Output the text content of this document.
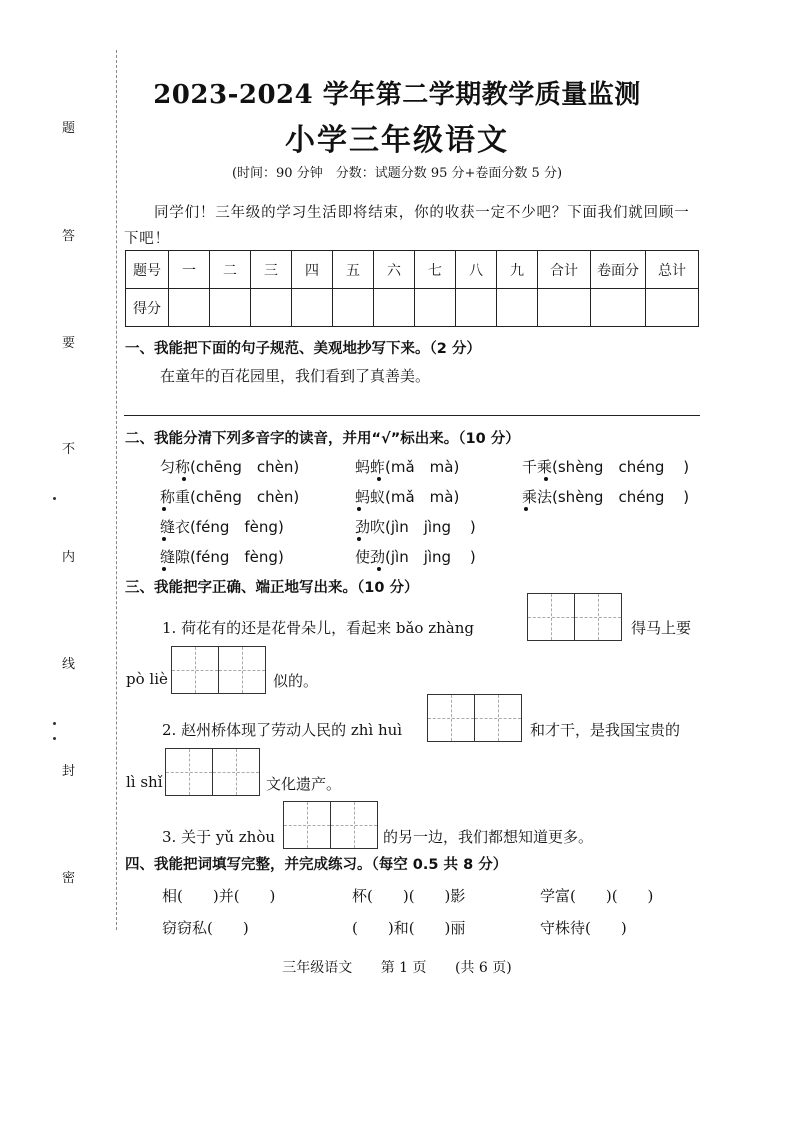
题
答
要
不
内
线
封
密
2023-2024 学年第二学期教学质量监测
小学三年级语文
(时间：90 分钟　分数：试题分数 95 分+卷面分数 5 分)
同学们！三年级的学习生活即将结束，你的收获一定不少吧？下面我们就回顾一下吧！
题号	一	二	三	四	五	六	七	八	九	合计	卷面分	总计
得分												
一、我能把下面的句子规范、美观地抄写下来。（2 分）
在童年的百花园里，我们看到了真善美。
二、我能分清下列多音字的读音，并用“√”标出来。（10 分）
匀称(chēng　chèn)	蚂蚱(mǎ　mà)	千乘(shèng　chéng )
称重(chēng　chèn)	蚂蚁(mǎ　mà)	乘法(shèng　chéng )
缝衣(féng　fèng)	劲吹(jìn　jìng )
缝隙(féng　fèng)	使劲(jìn　jìng )
三、我能把字正确、端正地写出来。（10 分）
1. 荷花有的还是花骨朵儿，看起来 bǎo zhàng	得马上要
pò liè	似的。
2. 赵州桥体现了劳动人民的 zhì huì	和才干，是我国宝贵的
lì shǐ	文化遗产。
3. 关于 yǔ zhòu	的另一边，我们都想知道更多。
四、我能把词填写完整，并完成练习。（每空 0.5 共 8 分）
相(　　)并(　　)	杯(　　)(　　)影	学富(　　)(　　)
窃窃私(　　)	(　　)和(　　)丽	守株待(　　)
三年级语文 第 1 页 (共 6 页)
